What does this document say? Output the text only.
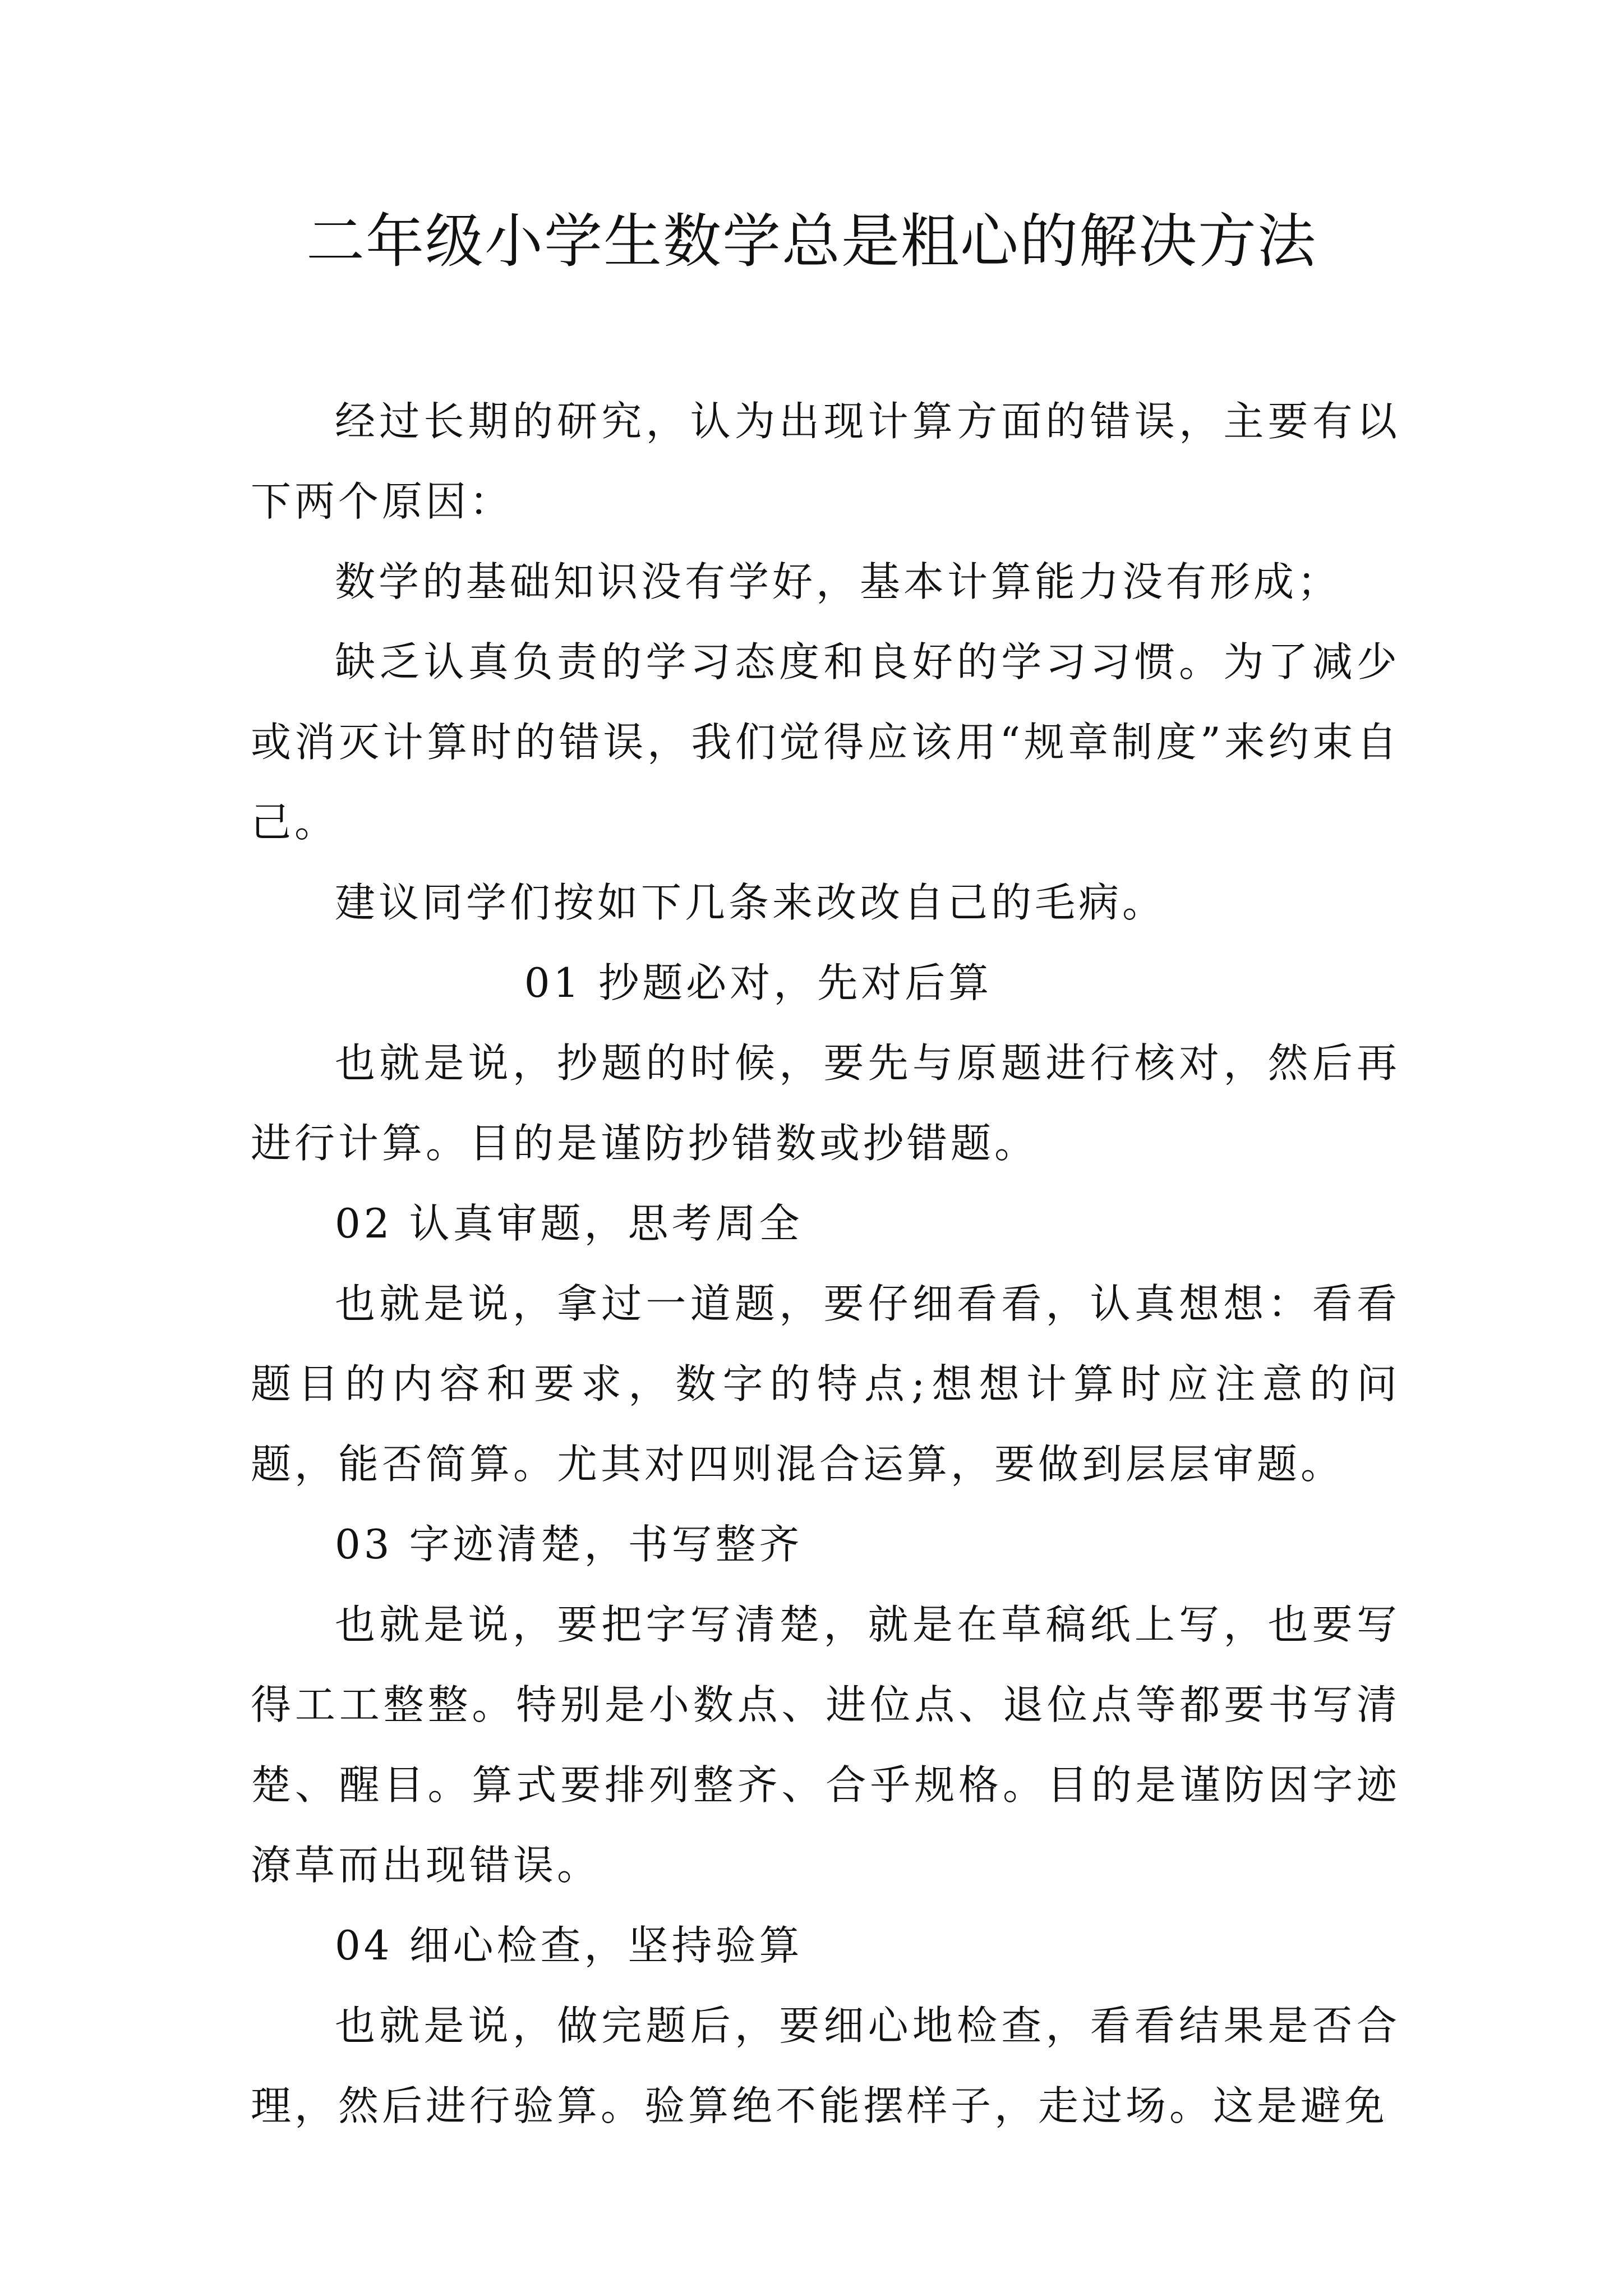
二年级小学生数学总是粗心的解决方法

经过长期的研究，认为出现计算方面的错误，主要有以下两个原因：

数学的基础知识没有学好，基本计算能力没有形成；

缺乏认真负责的学习态度和良好的学习习惯。为了减少或消灭计算时的错误，我们觉得应该用“规章制度”来约束自己。

建议同学们按如下几条来改改自己的毛病。

01 抄题必对，先对后算

也就是说，抄题的时候，要先与原题进行核对，然后再进行计算。目的是谨防抄错数或抄错题。

02 认真审题，思考周全

也就是说，拿过一道题，要仔细看看，认真想想：看看题目的内容和要求，数字的特点;想想计算时应注意的问题，能否简算。尤其对四则混合运算，要做到层层审题。

03 字迹清楚，书写整齐

也就是说，要把字写清楚，就是在草稿纸上写，也要写得工工整整。特别是小数点、进位点、退位点等都要书写清楚、醒目。算式要排列整齐、合乎规格。目的是谨防因字迹潦草而出现错误。

04 细心检查，坚持验算

也就是说，做完题后，要细心地检查，看看结果是否合理，然后进行验算。验算绝不能摆样子，走过场。这是避免
